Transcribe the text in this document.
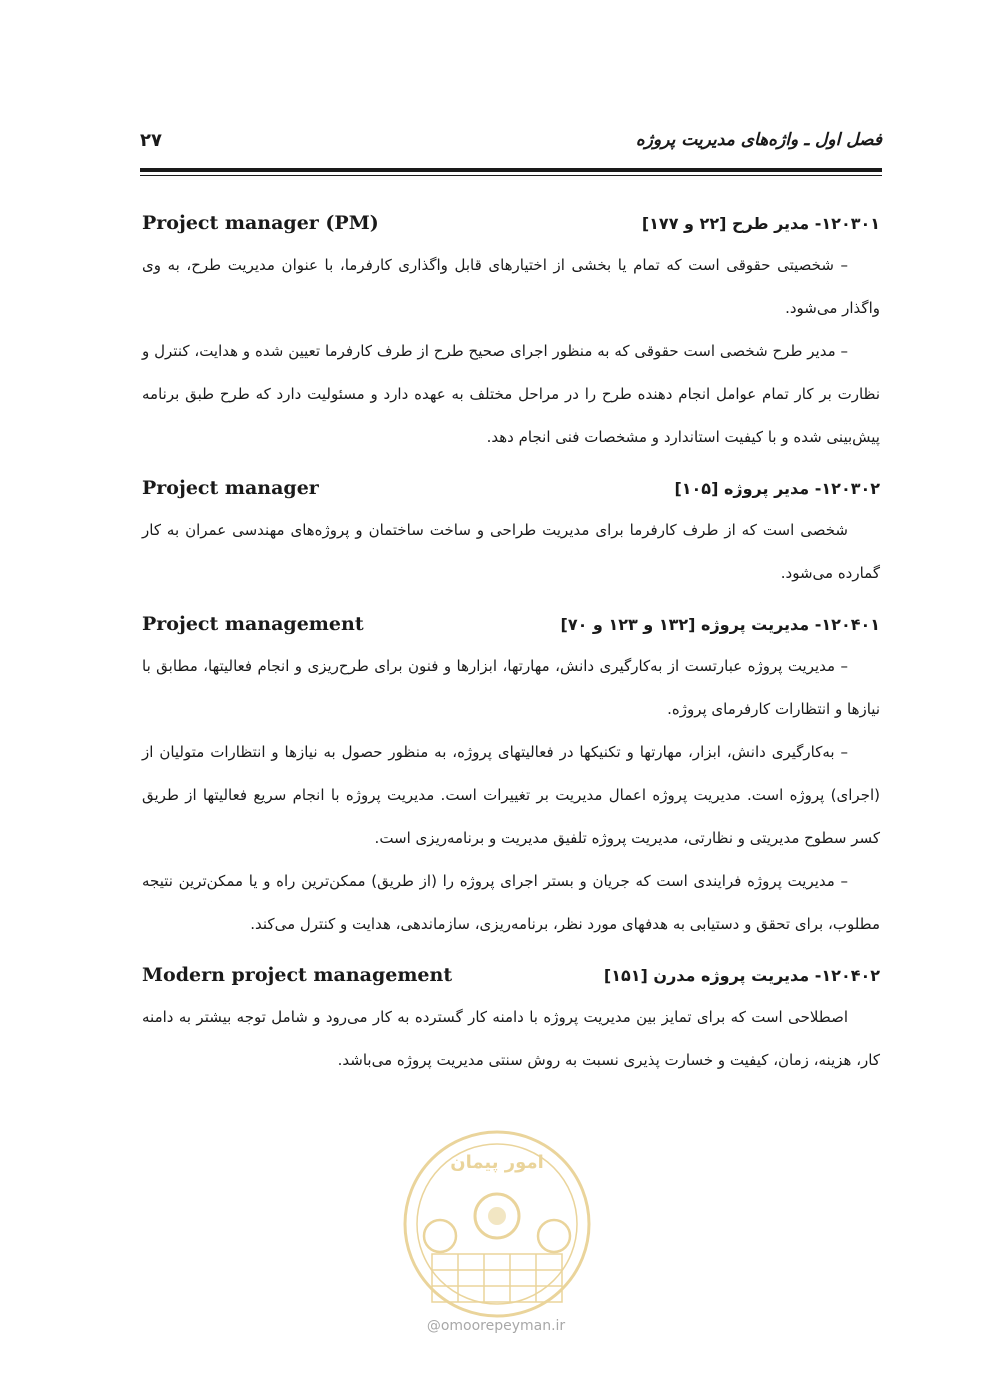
فصل اول ـ واژه‌های مدیریت پروژه
۲۷
۱۲۰۳۰۱- مدیر طرح [۲۲ و ۱۷۷]
Project manager (PM)

– شخصیتی حقوقی است که تمام یا بخشی از اختیارهای قابل واگذاری کارفرما، با عنوان مدیریت طرح، به وی واگذار می‌شود.

– مدیر طرح شخصی است حقوقی که به منظور اجرای صحیح طرح از طرف کارفرما تعیین شده و هدایت، کنترل و نظارت بر کار تمام عوامل انجام دهنده طرح را در مراحل مختلف به عهده دارد و مسئولیت دارد که طرح طبق برنامه پیش‌بینی شده و با کیفیت استاندارد و مشخصات فنی انجام دهد.

۱۲۰۳۰۲- مدیر پروژه [۱۰۵]
Project manager

شخصی است که از طرف کارفرما برای مدیریت طراحی و ساخت ساختمان و پروژه‌های مهندسی عمران به کار گمارده می‌شود.

۱۲۰۴۰۱- مدیریت پروژه [۱۳۲ و ۱۲۳ و ۷۰]
Project management

– مدیریت پروژه عبارتست از به‌کارگیری دانش، مهارتها، ابزارها و فنون برای طرح‌ریزی و انجام فعالیتها، مطابق با نیازها و انتظارات کارفرمای پروژه.

– به‌کارگیری دانش، ابزار، مهارتها و تکنیکها در فعالیتهای پروژه، به منظور حصول به نیازها و انتظارات متولیان از (اجرای) پروژه است. مدیریت پروژه اعمال مدیریت بر تغییرات است. مدیریت پروژه با انجام سریع فعالیتها از طریق کسر سطوح مدیریتی و نظارتی، مدیریت پروژه تلفیق مدیریت و برنامه‌ریزی است.

– مدیریت پروژه فرایندی است که جریان و بستر اجرای پروژه را (از طریق) ممکن‌ترین راه و یا ممکن‌ترین نتیجه مطلوب، برای تحقق و دستیابی به هدفهای مورد نظر، برنامه‌ریزی، سازماندهی، هدایت و کنترل می‌کند.

۱۲۰۴۰۲- مدیریت پروژه مدرن [۱۵۱]
Modern project management

اصطلاحی است که برای تمایز بین مدیریت پروژه با دامنه کار گسترده به کار می‌رود و شامل توجه بیشتر به دامنه کار، هزینه، زمان، کیفیت و خسارت پذیری نسبت به روش سنتی مدیریت پروژه می‌باشد.

امور پیمان
@omoorepeyman.ir
